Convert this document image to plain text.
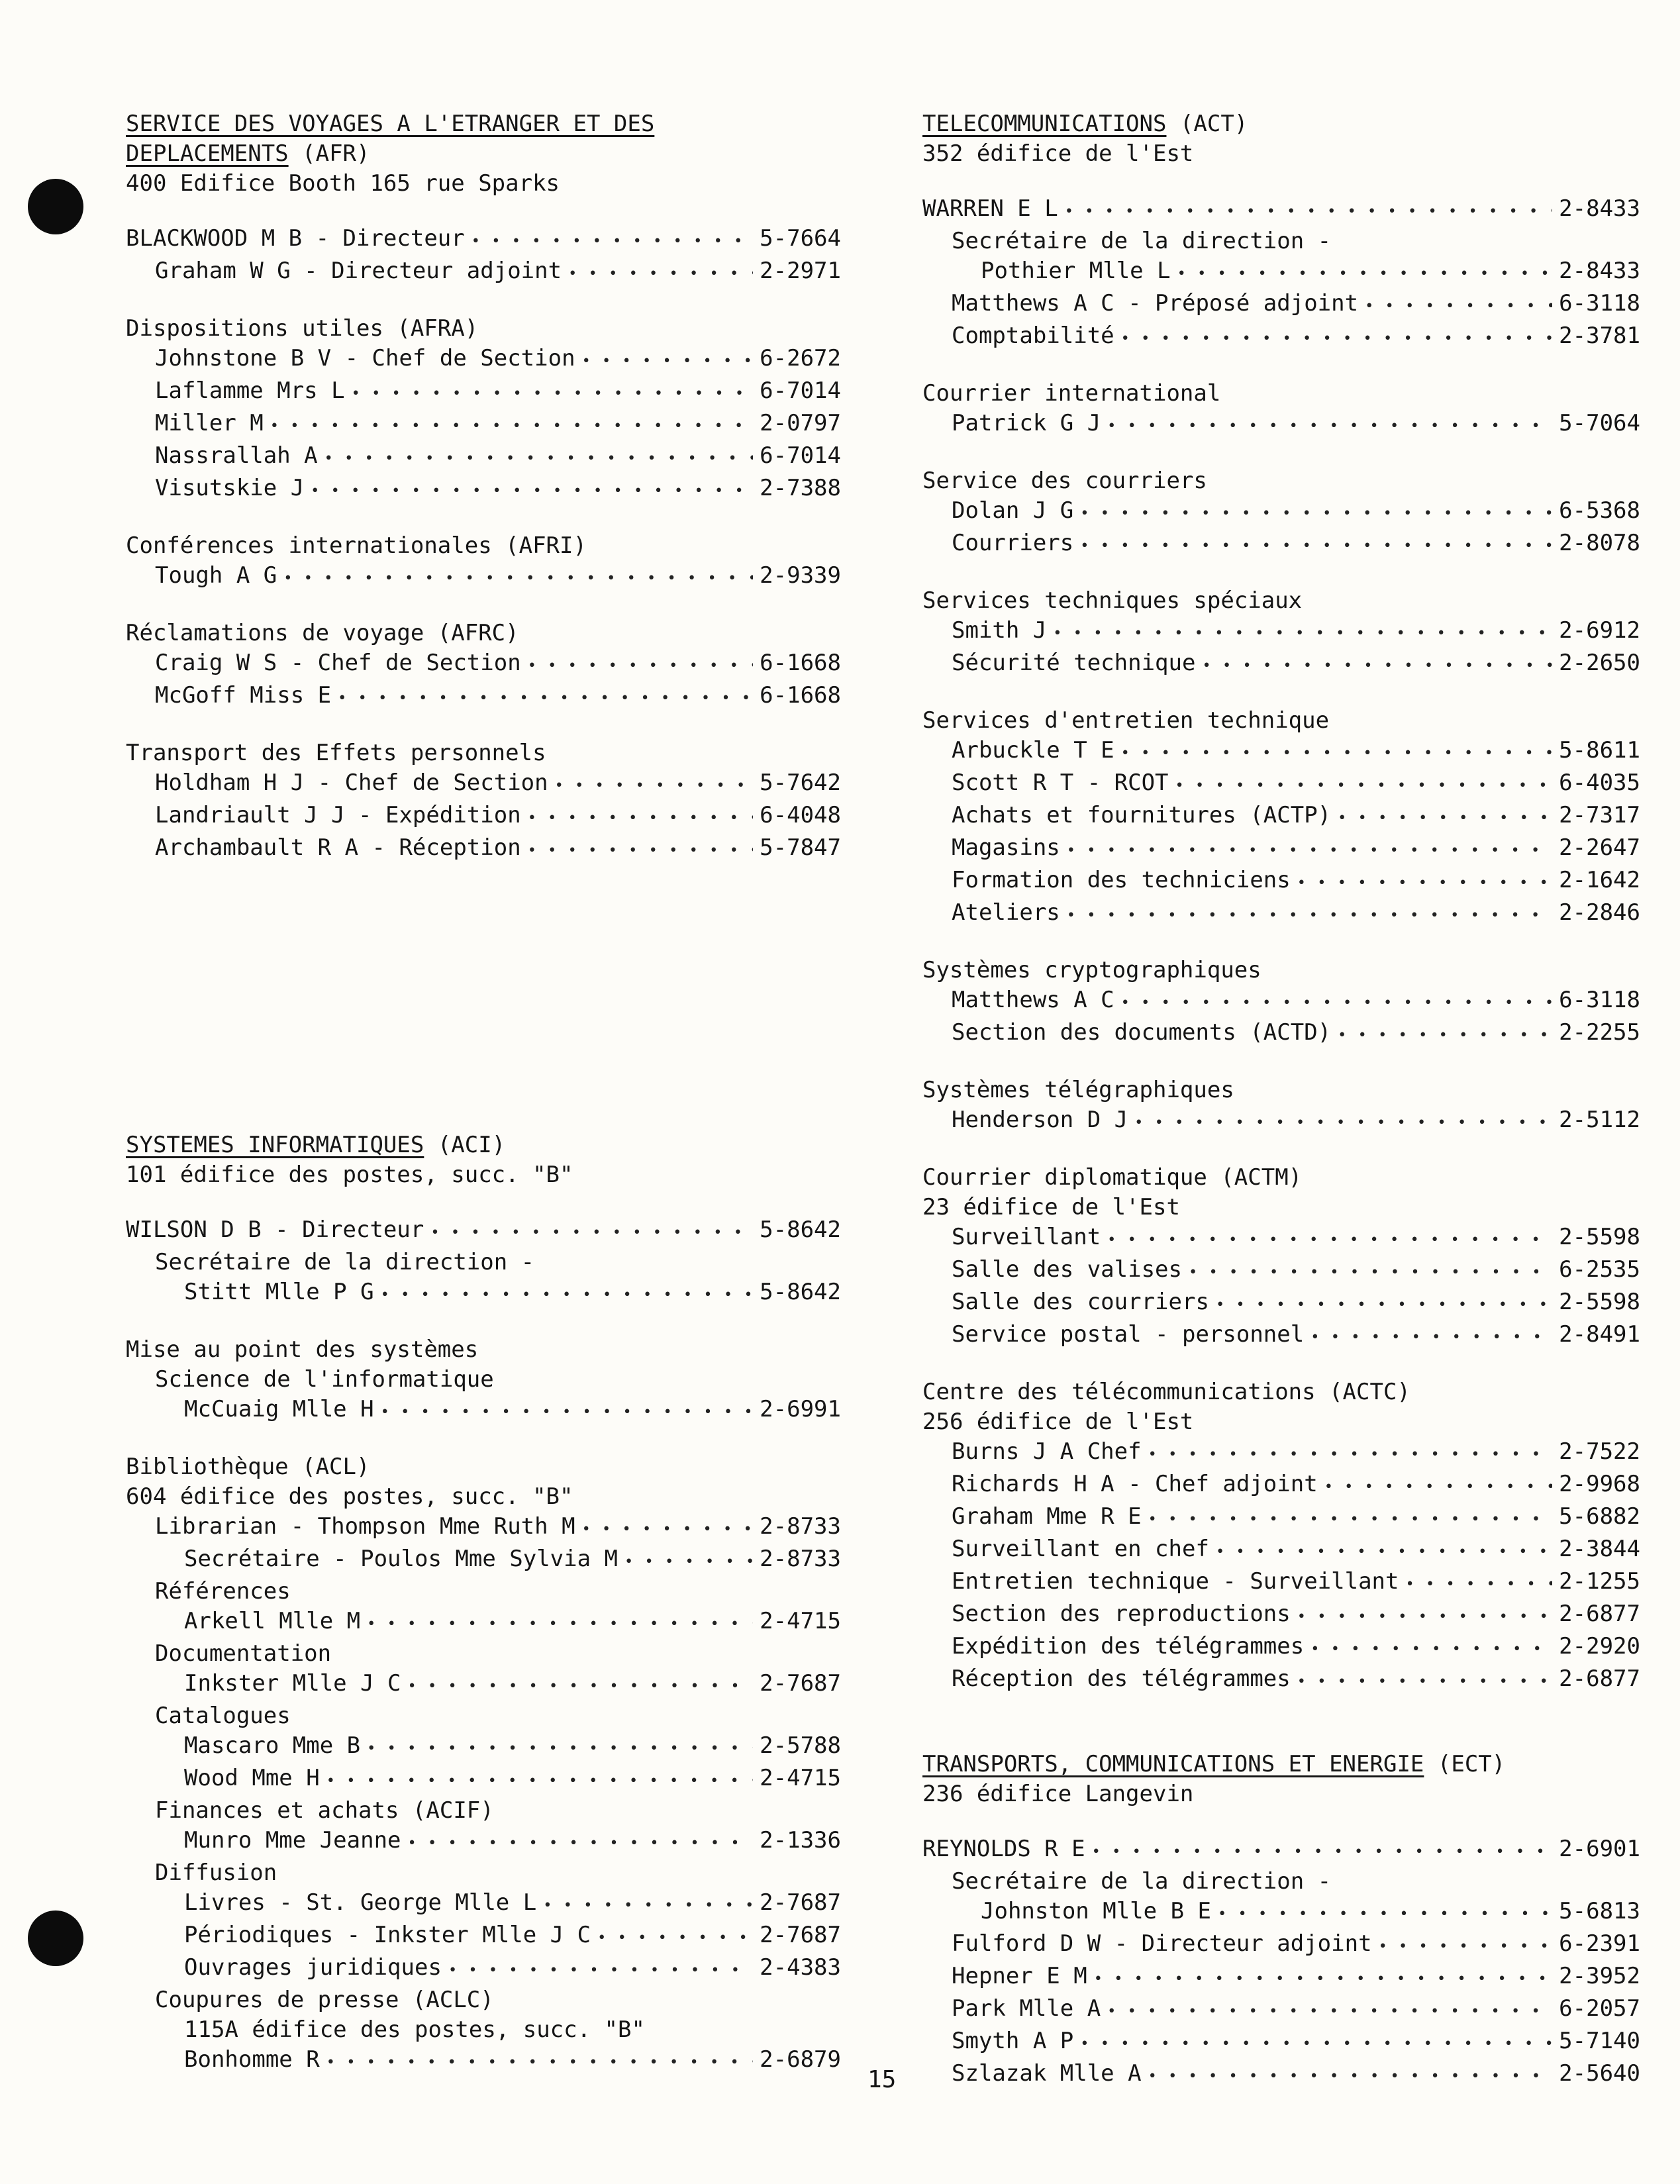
SERVICE DES VOYAGES A L'ETRANGER ET DES
DEPLACEMENTS (AFR)
400 Edifice Booth 165 rue Sparks
BLACKWOOD M B - Directeur • • •	5-7664
Graham W G - Directeur adjoint • • •	2-2971
Dispositions utiles (AFRA)
Johnstone B V - Chef de Section • • •	6-2672
Laflamme Mrs L • • •	6-7014
Miller M • • •	2-0797
Nassrallah A • • •	6-7014
Visutskie J • • •	2-7388
Conférences internationales (AFRI)
Tough A G • • •	2-9339
Réclamations de voyage (AFRC)
Craig W S - Chef de Section • • •	6-1668
McGoff Miss E • • •	6-1668
Transport des Effets personnels
Holdham H J - Chef de Section • • •	5-7642
Landriault J J - Expédition • • •	6-4048
Archambault R A - Réception • • •	5-7847
SYSTEMES INFORMATIQUES (ACI)
101 édifice des postes, succ. "B"
WILSON D B - Directeur • • •	5-8642
Secrétaire de la direction -
Stitt Mlle P G • • •	5-8642
Mise au point des systèmes
Science de l'informatique
McCuaig Mlle H • • •	2-6991
Bibliothèque (ACL)
604 édifice des postes, succ. "B"
Librarian - Thompson Mme Ruth M • • •	2-8733
Secrétaire - Poulos Mme Sylvia M • • •	2-8733
Références
Arkell Mlle M • • •	2-4715
Documentation
Inkster Mlle J C • • •	2-7687
Catalogues
Mascaro Mme B • • •	2-5788
Wood Mme H • • •	2-4715
Finances et achats (ACIF)
Munro Mme Jeanne • • •	2-1336
Diffusion
Livres - St. George Mlle L • • •	2-7687
Périodiques - Inkster Mlle J C • • •	2-7687
Ouvrages juridiques • • •	2-4383
Coupures de presse (ACLC)
115A édifice des postes, succ. "B"
Bonhomme R • • •	2-6879
TELECOMMUNICATIONS (ACT)
352 édifice de l'Est
WARREN E L • • •	2-8433
Secrétaire de la direction -
Pothier Mlle L • • •	2-8433
Matthews A C - Préposé adjoint • • •	6-3118
Comptabilité • • •	2-3781
Courrier international
Patrick G J • • •	5-7064
Service des courriers
Dolan J G • • •	6-5368
Courriers • • •	2-8078
Services techniques spéciaux
Smith J • • •	2-6912
Sécurité technique • • •	2-2650
Services d'entretien technique
Arbuckle T E • • •	5-8611
Scott R T - RCOT • • •	6-4035
Achats et fournitures (ACTP) • • •	2-7317
Magasins • • •	2-2647
Formation des techniciens • • •	2-1642
Ateliers • • •	2-2846
Systèmes cryptographiques
Matthews A C • • •	6-3118
Section des documents (ACTD) • • •	2-2255
Systèmes télégraphiques
Henderson D J • • •	2-5112
Courrier diplomatique (ACTM)
23 édifice de l'Est
Surveillant • • •	2-5598
Salle des valises • • •	6-2535
Salle des courriers • • •	2-5598
Service postal - personnel • • •	2-8491
Centre des télécommunications (ACTC)
256 édifice de l'Est
Burns J A Chef • • •	2-7522
Richards H A - Chef adjoint • • •	2-9968
Graham Mme R E • • •	5-6882
Surveillant en chef • • •	2-3844
Entretien technique - Surveillant • • •	2-1255
Section des reproductions • • •	2-6877
Expédition des télégrammes • • •	2-2920
Réception des télégrammes • • •	2-6877
TRANSPORTS, COMMUNICATIONS ET ENERGIE (ECT)
236 édifice Langevin
REYNOLDS R E • • •	2-6901
Secrétaire de la direction -
Johnston Mlle B E • • •	5-6813
Fulford D W - Directeur adjoint • • •	6-2391
Hepner E M • • •	2-3952
Park Mlle A • • •	6-2057
Smyth A P • • •	5-7140
Szlazak Mlle A • • •	2-5640
15
